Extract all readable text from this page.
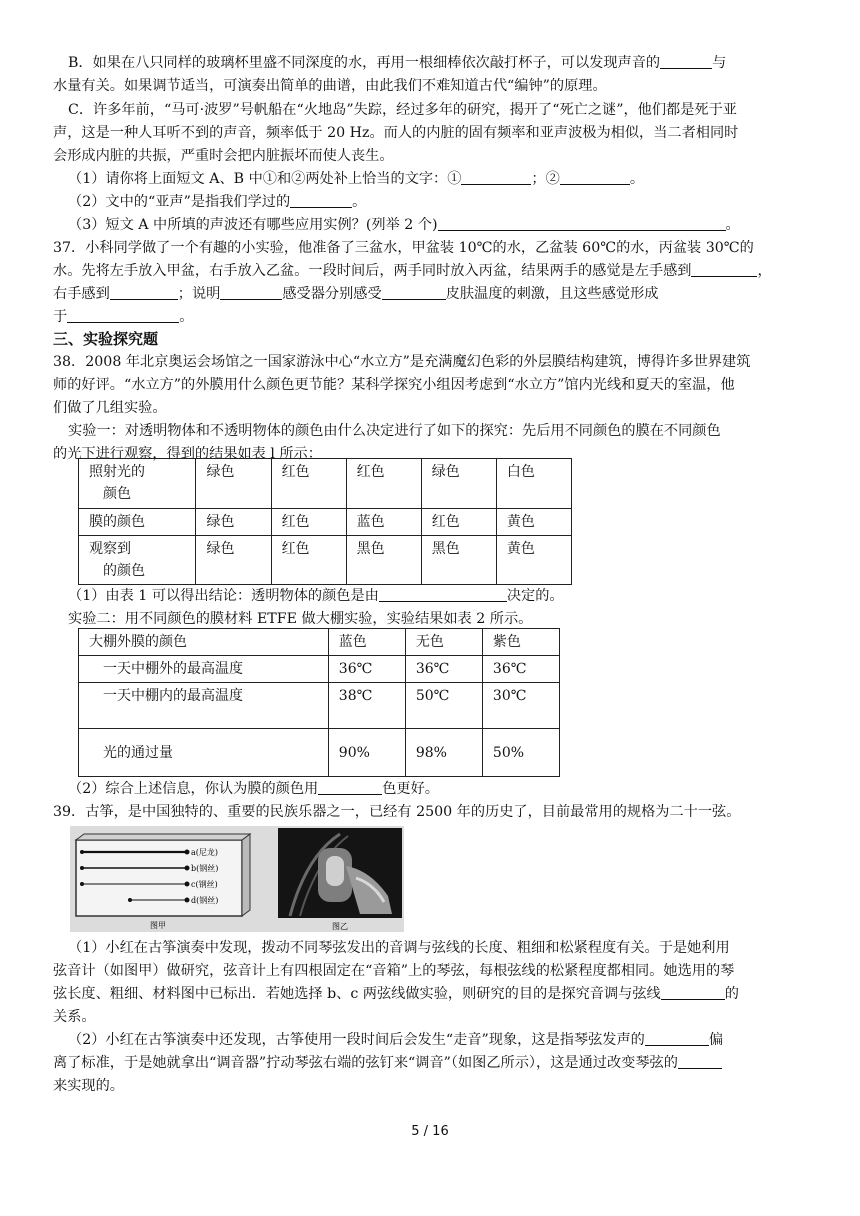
B．如果在八只同样的玻璃杯里盛不同深度的水，再用一根细棒依次敲打杯子，可以发现声音的	与
水量有关。如果调节适当，可演奏出简单的曲谱，由此我们不难知道古代“编钟”的原理。
C．许多年前，“马可·波罗”号帆船在“火地岛”失踪，经过多年的研究，揭开了“死亡之谜”，他们都是死于亚
声，这是一种人耳听不到的声音，频率低于 20 Hz。而人的内脏的固有频率和亚声波极为相似，当二者相同时
会形成内脏的共振，严重时会把内脏振坏而使人丧生。
（1）请你将上面短文 A、B 中①和②两处补上恰当的文字：①	；②	。
（2）文中的“亚声”是指我们学过的	。
（3）短文 A 中所填的声波还有哪些应用实例？(列举 2 个)	。
37．小科同学做了一个有趣的小实验，他准备了三盆水，甲盆装 10℃的水，乙盆装 60℃的水，丙盆装 30℃的
水。先将左手放入甲盆，右手放入乙盆。一段时间后，两手同时放入丙盆，结果两手的感觉是左手感到	，
右手感到	；说明	感受器分别感受	皮肤温度的刺激，且这些感觉形成
于	。
三、实验探究题
38．2008 年北京奥运会场馆之一国家游泳中心“水立方”是充满魔幻色彩的外层膜结构建筑，博得许多世界建筑
师的好评。“水立方”的外膜用什么颜色更节能？某科学探究小组因考虑到“水立方”馆内光线和夏天的室温，他
们做了几组实验。
实验一：对透明物体和不透明物体的颜色由什么决定进行了如下的探究：先后用不同颜色的膜在不同颜色
的光下进行观察，得到的结果如表 l 所示：
照射光的
颜色	绿色	红色	红色	绿色	白色

膜的颜色	绿色	红色	蓝色	红色	黄色

观察到
的颜色	绿色	红色	黑色	黑色	黄色
（1）由表 1 可以得出结论：透明物体的颜色是由	决定的。
实验二：用不同颜色的膜材料 ETFE 做大棚实验，实验结果如表 2 所示。
大棚外膜的颜色	蓝色	无色	紫色
一天中棚外的最高温度	36℃	36℃	36℃
一天中棚内的最高温度	38℃	50℃	30℃
光的通过量	90%	98%	50%
（2）综合上述信息，你认为膜的颜色用	色更好。
39．古筝，是中国独特的、重要的民族乐器之一，已经有 2500 年的历史了，目前最常用的规格为二十一弦。
a(尼龙)
b(钢丝)
c(钢丝)
d(钢丝)
图甲	图乙
（1）小红在古筝演奏中发现，拨动不同琴弦发出的音调与弦线的长度、粗细和松紧程度有关。于是她利用
弦音计（如图甲）做研究，弦音计上有四根固定在“音箱”上的琴弦，每根弦线的松紧程度都相同。她选用的琴
弦长度、粗细、材料图中已标出．若她选择 b、c 两弦线做实验，则研究的目的是探究音调与弦线	的
关系。
（2）小红在古筝演奏中还发现，古筝使用一段时间后会发生“走音”现象，这是指琴弦发声的	偏
离了标准，于是她就拿出“调音器”拧动琴弦右端的弦钉来“调音”（如图乙所示），这是通过改变琴弦的
来实现的。
5 / 16
